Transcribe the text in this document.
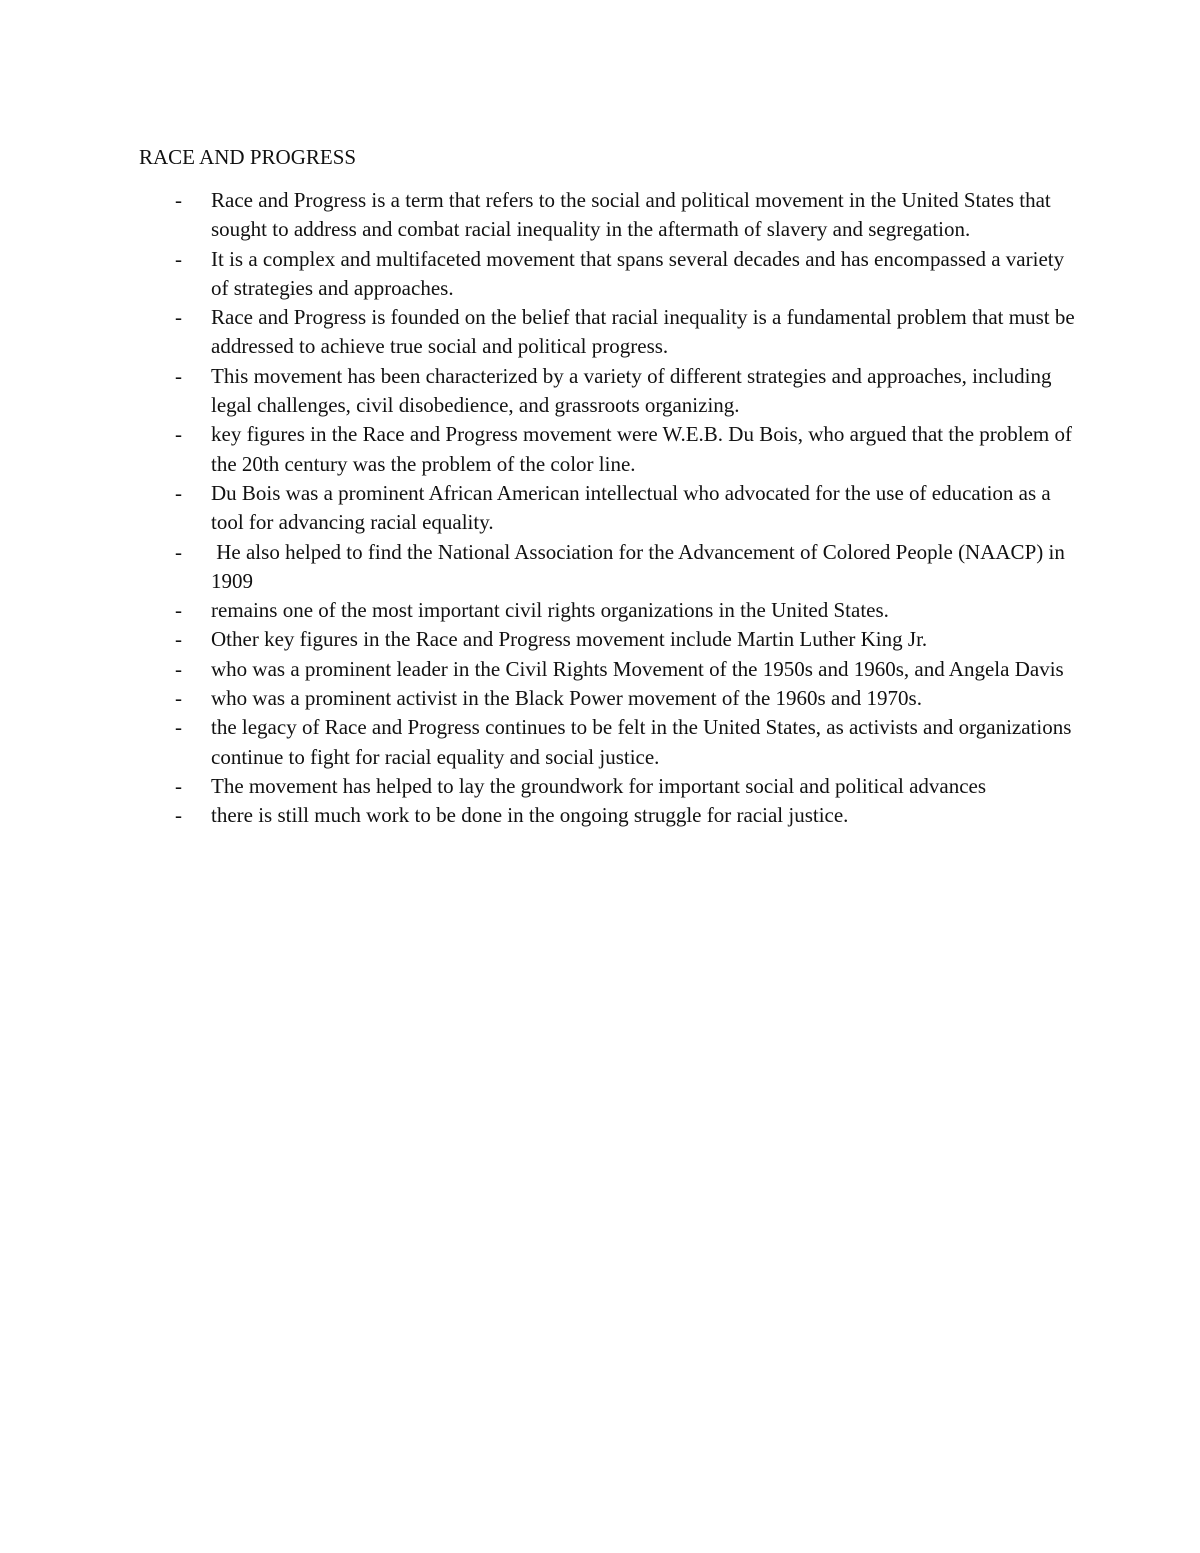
RACE AND PROGRESS
- Race and Progress is a term that refers to the social and political movement in the United States that sought to address and combat racial inequality in the aftermath of slavery and segregation.
- It is a complex and multifaceted movement that spans several decades and has encompassed a variety of strategies and approaches.
- Race and Progress is founded on the belief that racial inequality is a fundamental problem that must be addressed to achieve true social and political progress.
- This movement has been characterized by a variety of different strategies and approaches, including legal challenges, civil disobedience, and grassroots organizing.
- key figures in the Race and Progress movement were W.E.B. Du Bois, who argued that the problem of the 20th century was the problem of the color line.
- Du Bois was a prominent African American intellectual who advocated for the use of education as a tool for advancing racial equality.
- He also helped to find the National Association for the Advancement of Colored People (NAACP) in 1909
- remains one of the most important civil rights organizations in the United States.
- Other key figures in the Race and Progress movement include Martin Luther King Jr.
- who was a prominent leader in the Civil Rights Movement of the 1950s and 1960s, and Angela Davis
- who was a prominent activist in the Black Power movement of the 1960s and 1970s.
- the legacy of Race and Progress continues to be felt in the United States, as activists and organizations continue to fight for racial equality and social justice.
- The movement has helped to lay the groundwork for important social and political advances
- there is still much work to be done in the ongoing struggle for racial justice.
